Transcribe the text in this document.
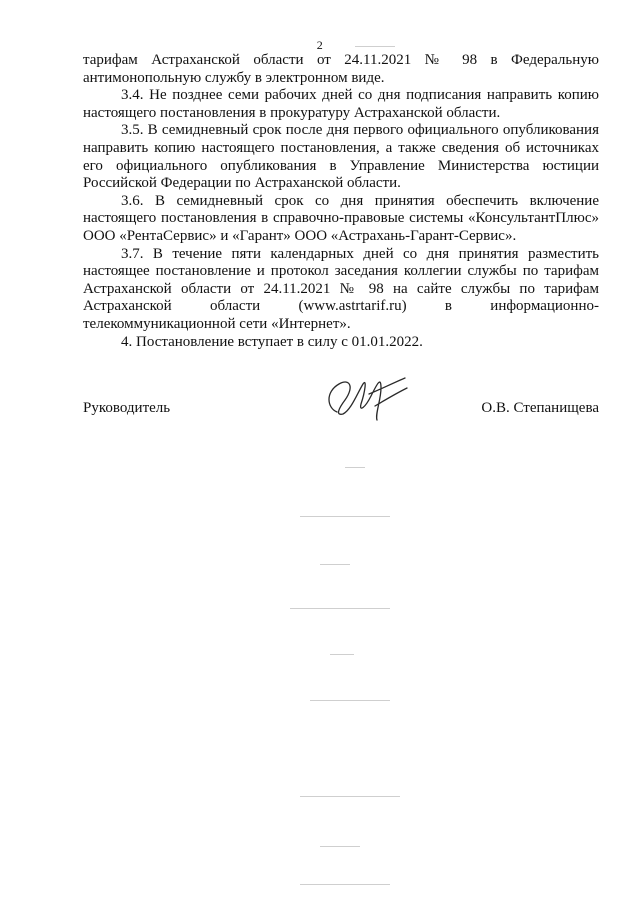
2

тарифам Астраханской области от 24.11.2021 № 98 в Федеральную
антимонопольную службу в электронном виде.

3.4. Не позднее семи рабочих дней со дня подписания направить копию

настоящего постановления в прокуратуру Астраханской области.

3.5. В семидневный срок после дня первого официального опубликования

направить копию настоящего постановления, а также сведения об источниках
его официального опубликования в Управление Министерства юстиции
Российской Федерации по Астраханской области.

3.6. В семидневный срок со дня принятия обеспечить включение

настоящего постановления в справочно-правовые системы «КонсультантПлюс»
ООО «РентаСервис» и «Гарант» ООО «Астрахань-Гарант-Сервис».

3.7. В течение пяти календарных дней со дня принятия разместить

настоящее постановление и протокол заседания коллегии службы по тарифам
Астраханской области от 24.11.2021 № 98 на сайте службы по тарифам
Астраханской области (www.astrtarif.ru) в информационно-
телекоммуникационной сети «Интернет».

4. Постановление вступает в силу с 01.01.2022.

Руководитель	О.В. Степанищева
